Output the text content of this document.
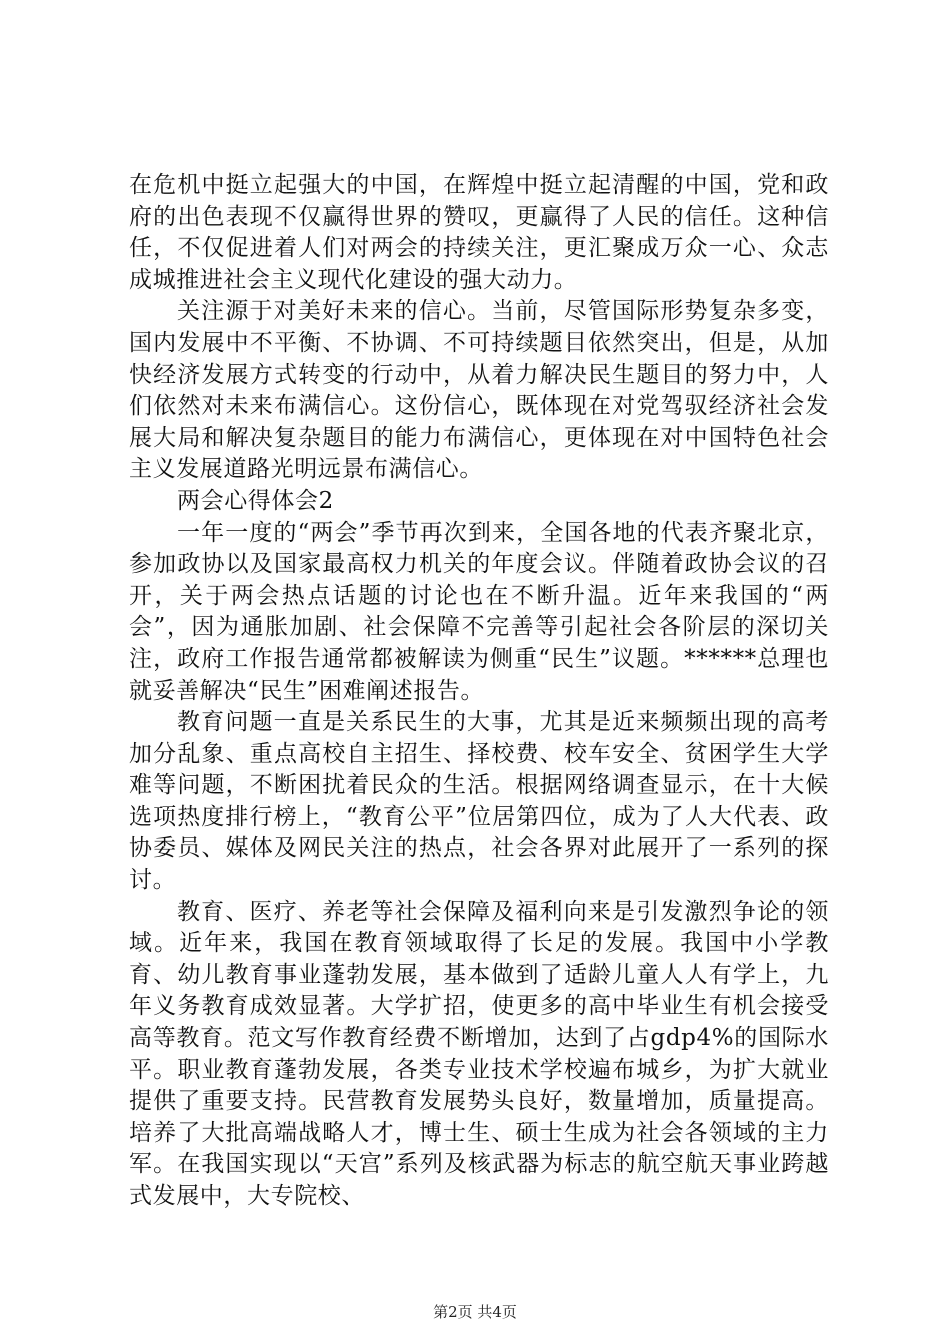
在危机中挺立起强大的中国，在辉煌中挺立起清醒的中国，党和政府的出色表现不仅赢得世界的赞叹，更赢得了人民的信任。这种信任，不仅促进着人们对两会的持续关注，更汇聚成万众一心、众志成城推进社会主义现代化建设的强大动力。

关注源于对美好未来的信心。当前，尽管国际形势复杂多变，国内发展中不平衡、不协调、不可持续题目依然突出，但是，从加快经济发展方式转变的行动中，从着力解决民生题目的努力中，人们依然对未来布满信心。这份信心，既体现在对党驾驭经济社会发展大局和解决复杂题目的能力布满信心，更体现在对中国特色社会主义发展道路光明远景布满信心。

两会心得体会2

一年一度的“两会”季节再次到来，全国各地的代表齐聚北京，参加政协以及国家最高权力机关的年度会议。伴随着政协会议的召开，关于两会热点话题的讨论也在不断升温。近年来我国的“两会”，因为通胀加剧、社会保障不完善等引起社会各阶层的深切关注，政府工作报告通常都被解读为侧重“民生”议题。******总理也就妥善解决“民生”困难阐述报告。

教育问题一直是关系民生的大事，尤其是近来频频出现的高考加分乱象、重点高校自主招生、择校费、校车安全、贫困学生大学难等问题，不断困扰着民众的生活。根据网络调查显示，在十大候选项热度排行榜上，“教育公平”位居第四位，成为了人大代表、政协委员、媒体及网民关注的热点，社会各界对此展开了一系列的探讨。

教育、医疗、养老等社会保障及福利向来是引发激烈争论的领域。近年来，我国在教育领域取得了长足的发展。我国中小学教育、幼儿教育事业蓬勃发展，基本做到了适龄儿童人人有学上，九年义务教育成效显著。大学扩招，使更多的高中毕业生有机会接受高等教育。范文写作教育经费不断增加，达到了占gdp4%的国际水平。职业教育蓬勃发展，各类专业技术学校遍布城乡，为扩大就业提供了重要支持。民营教育发展势头良好，数量增加，质量提高。培养了大批高端战略人才，博士生、硕士生成为社会各领域的主力军。在我国实现以“天宫”系列及核武器为标志的航空航天事业跨越式发展中，大专院校、

第2页 共4页
